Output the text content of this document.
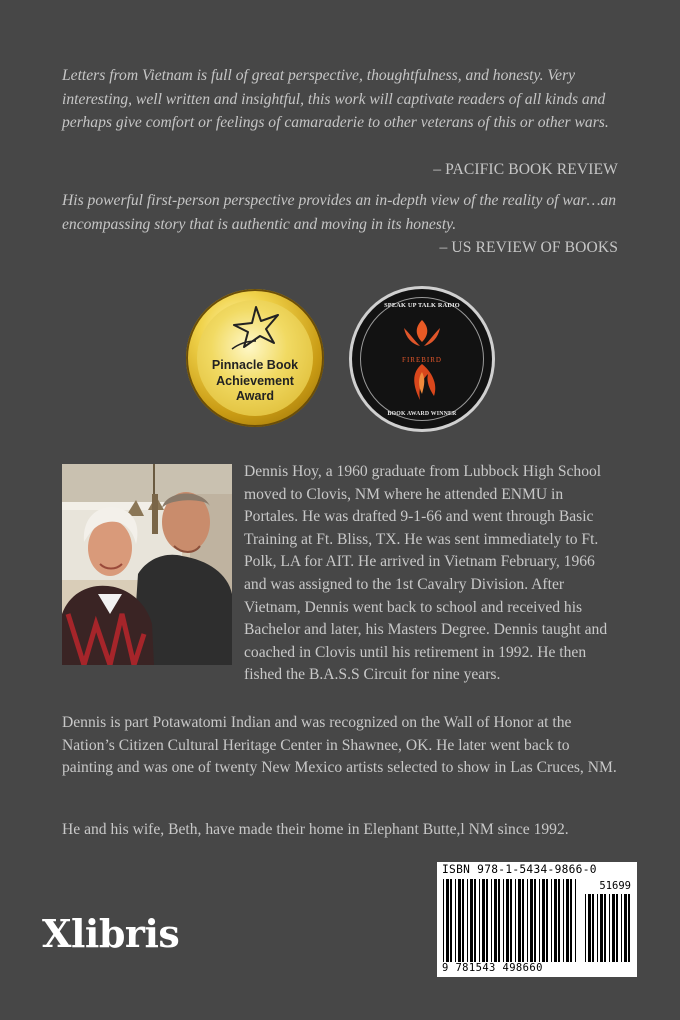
Letters from Vietnam is full of great perspective, thoughtfulness, and honesty. Very interesting, well written and insightful, this work will captivate readers of all kinds and perhaps give comfort or feelings of camaraderie to other veterans of this or other wars.

– PACIFIC BOOK REVIEW

His powerful first-person perspective provides an in-depth view of the reality of war…an encompassing story that is authentic and moving in its honesty.

– US REVIEW OF BOOKS
Pinnacle Book
Achievement
Award
SPEAK UP TALK RADIO
FIREBIRD
BOOK AWARD WINNER

Dennis Hoy, a 1960 graduate from Lubbock High School moved to Clovis, NM where he attended ENMU in Portales. He was drafted 9-1-66 and went through Basic Training at Ft. Bliss, TX. He was sent immediately to Ft. Polk, LA for AIT. He arrived in Vietnam February, 1966 and was assigned to the 1st Cavalry Division. After Vietnam, Dennis went back to school and received his Bachelor and later, his Masters Degree. Dennis taught and coached in Clovis until his retirement in 1992. He then fished the B.A.S.S Circuit for nine years.

Dennis is part Potawatomi Indian and was recognized on the Wall of Honor at the Nation’s Citizen Cultural Heritage Center in Shawnee, OK. He later went back to painting and was one of twenty New Mexico artists selected to show in Las Cruces, NM.

He and his wife, Beth, have made their home in Elephant Butte,l NM since 1992.

Xlibris
ISBN 978-1-5434-9866-0
51699
9 781543 498660
